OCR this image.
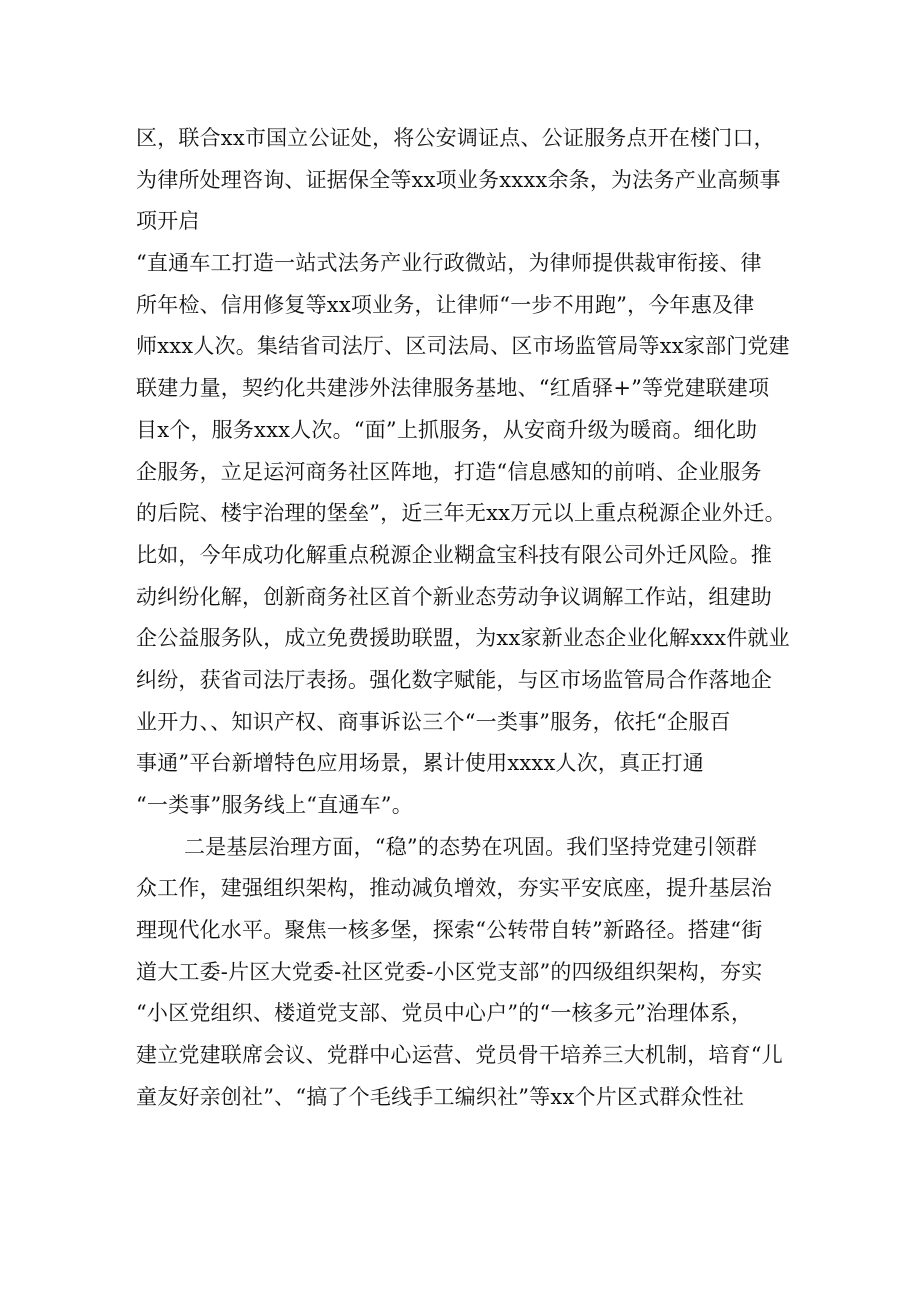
区，联合xx市国立公证处，将公安调证点、公证服务点开在楼门口，
为律所处理咨询、证据保全等xx项业务xxxx余条，为法务产业高频事
项开启
“直通车工打造一站式法务产业行政微站，为律师提供裁审衔接、律
所年检、信用修复等xx项业务，让律师“一步不用跑”，今年惠及律
师xxx人次。集结省司法厅、区司法局、区市场监管局等xx家部门党建
联建力量，契约化共建涉外法律服务基地、“红盾驿+”等党建联建项
目x个，服务xxx人次。“面”上抓服务，从安商升级为暖商。细化助
企服务，立足运河商务社区阵地，打造“信息感知的前哨、企业服务
的后院、楼宇治理的堡垒”，近三年无xx万元以上重点税源企业外迁。
比如，今年成功化解重点税源企业糊盒宝科技有限公司外迁风险。推
动纠纷化解，创新商务社区首个新业态劳动争议调解工作站，组建助
企公益服务队，成立免费援助联盟，为xx家新业态企业化解xxx件就业
纠纷，获省司法厅表扬。强化数字赋能，与区市场监管局合作落地企
业开力、、知识产权、商事诉讼三个“一类事”服务，依托“企服百
事通”平台新增特色应用场景，累计使用xxxx人次，真正打通
“一类事”服务线上“直通车”。
二是基层治理方面，“稳”的态势在巩固。我们坚持党建引领群
众工作，建强组织架构，推动减负增效，夯实平安底座，提升基层治
理现代化水平。聚焦一核多堡，探索“公转带自转”新路径。搭建“街
道大工委-片区大党委-社区党委-小区党支部”的四级组织架构，夯实
“小区党组织、楼道党支部、党员中心户”的“一核多元”治理体系，
建立党建联席会议、党群中心运营、党员骨干培养三大机制，培育“儿
童友好亲创社”、“搞了个毛线手工编织社”等xx个片区式群众性社
